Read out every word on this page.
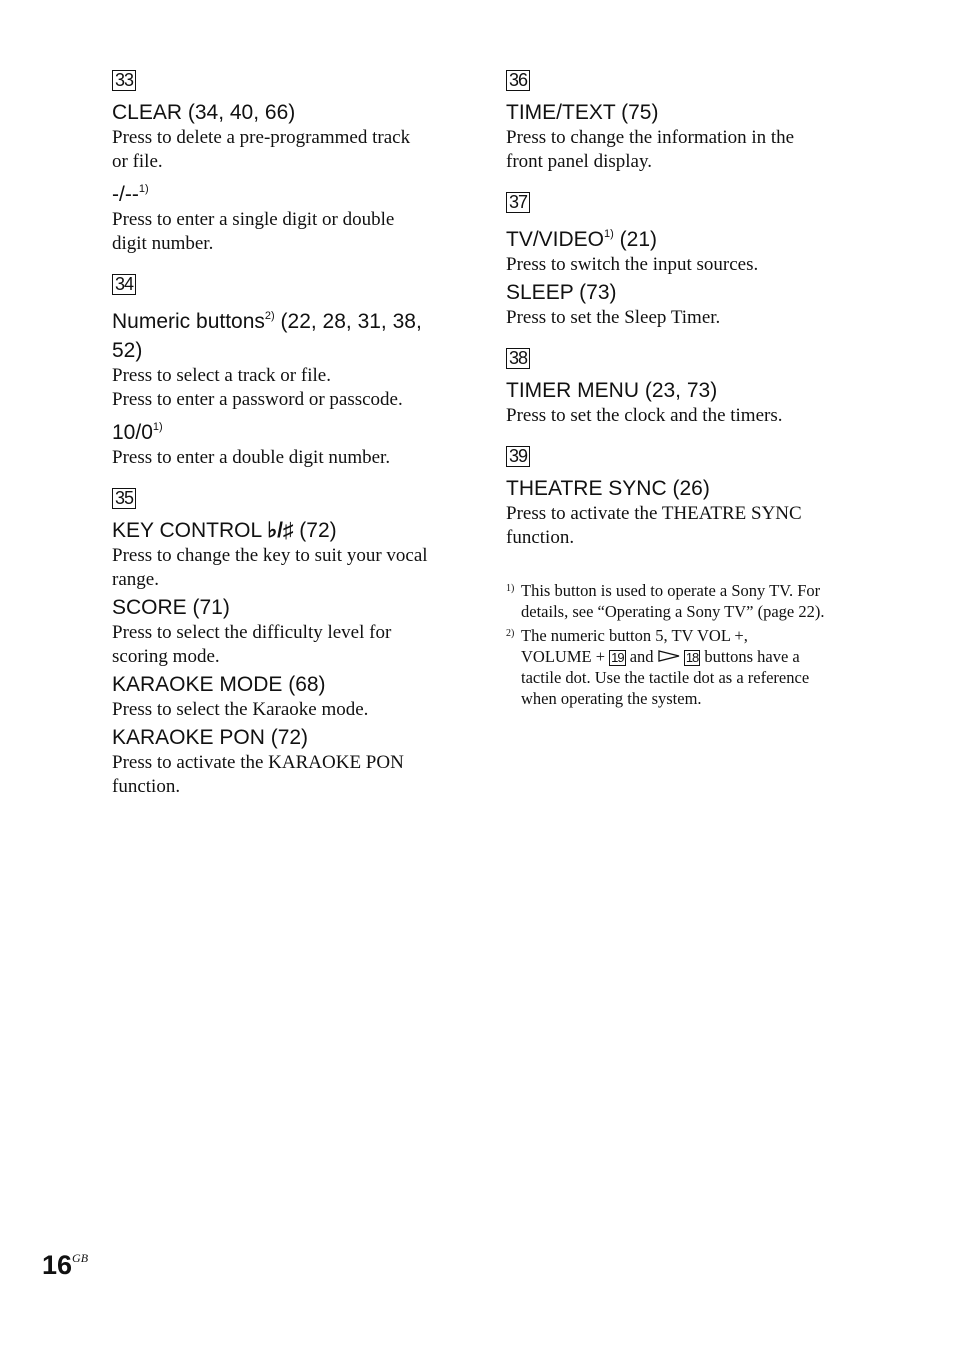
33
CLEAR (34, 40, 66)
Press to delete a pre-programmed track
or file.
-/--$^{1)}$
Press to enter a single digit or double
digit number.
34
Numeric buttons$^{2)}$ (22, 28, 31, 38,
52)
Press to select a track or file.
Press to enter a password or passcode.
10/0$^{1)}$
Press to enter a double digit number.
35
KEY CONTROL ♭/♯ (72)
Press to change the key to suit your vocal
range.
SCORE (71)
Press to select the difficulty level for
scoring mode.
KARAOKE MODE (68)
Press to select the Karaoke mode.
KARAOKE PON (72)
Press to activate the KARAOKE PON
function.
36
TIME/TEXT (75)
Press to change the information in the
front panel display.
37
TV/VIDEO$^{1)}$ (21)
Press to switch the input sources.
SLEEP (73)
Press to set the Sleep Timer.
38
TIMER MENU (23, 73)
Press to set the clock and the timers.
39
THEATRE SYNC (26)
Press to activate the THEATRE SYNC
function.
1) This button is used to operate a Sony TV. For
details, see “Operating a Sony TV” (page 22).
2) The numeric button 5, TV VOL +,
VOLUME + 19 and  18 buttons have a
tactile dot. Use the tactile dot as a reference
when operating the system.
$16^{GB}$
